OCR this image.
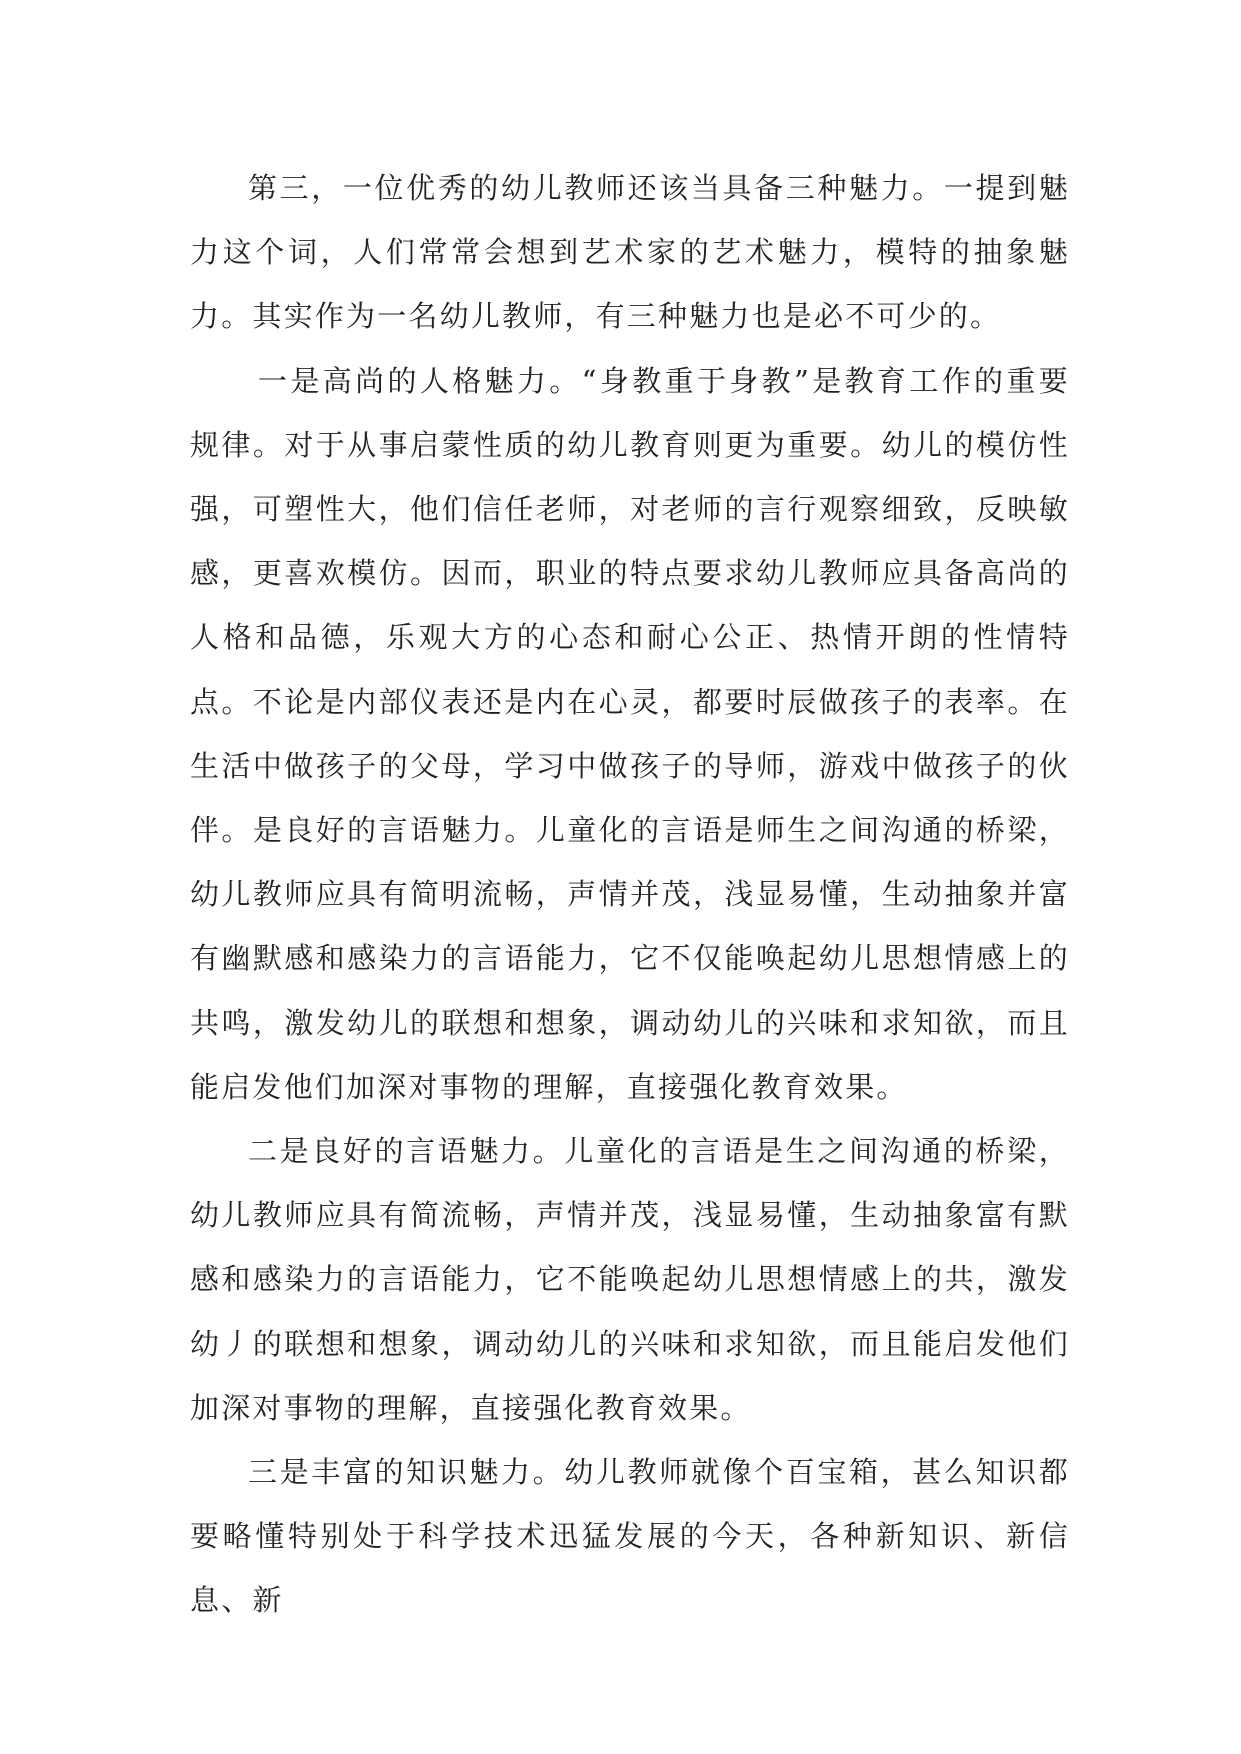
第三，一位优秀的幼儿教师还该当具备三种魅力。一提到魅力这个词，人们常常会想到艺术家的艺术魅力，模特的抽象魅力。其实作为一名幼儿教师，有三种魅力也是必不可少的。

一是高尚的人格魅力。“身教重于身教”是教育工作的重要规律。对于从事启蒙性质的幼儿教育则更为重要。幼儿的模仿性强，可塑性大，他们信任老师，对老师的言行观察细致，反映敏感，更喜欢模仿。因而，职业的特点要求幼儿教师应具备高尚的人格和品德，乐观大方的心态和耐心公正、热情开朗的性情特点。不论是内部仪表还是内在心灵，都要时辰做孩子的表率。在生活中做孩子的父母，学习中做孩子的导师，游戏中做孩子的伙伴。是良好的言语魅力。儿童化的言语是师生之间沟通的桥梁，幼儿教师应具有简明流畅，声情并茂，浅显易懂，生动抽象并富有幽默感和感染力的言语能力，它不仅能唤起幼儿思想情感上的共鸣，激发幼儿的联想和想象，调动幼儿的兴味和求知欲，而且能启发他们加深对事物的理解，直接强化教育效果。

二是良好的言语魅力。儿童化的言语是生之间沟通的桥梁，幼儿教师应具有简流畅，声情并茂，浅显易懂，生动抽象富有默感和感染力的言语能力，它不能唤起幼儿思想情感上的共，激发幼丿的联想和想象，调动幼儿的兴味和求知欲，而且能启发他们加深对事物的理解，直接强化教育效果。

三是丰富的知识魅力。幼儿教师就像个百宝箱，甚么知识都要略懂特别处于科学技术迅猛发展的今天，各种新知识、新信息、新
